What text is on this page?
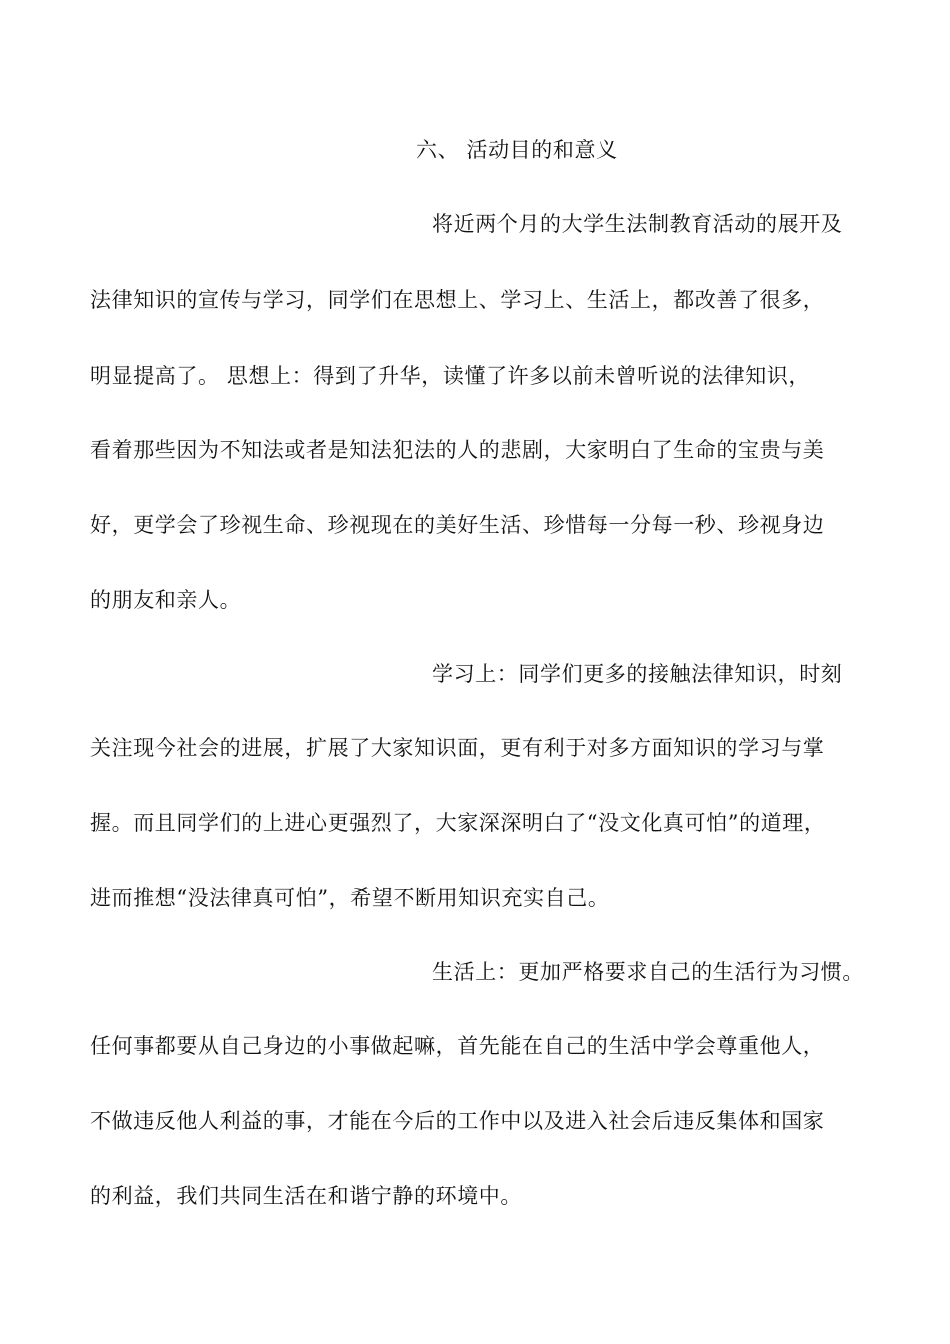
六、 活动目的和意义
将近两个月的大学生法制教育活动的展开及
法律知识的宣传与学习，同学们在思想上、学习上、生活上，都改善了很多，
明显提高了。 思想上：得到了升华，读懂了许多以前未曾听说的法律知识，
看着那些因为不知法或者是知法犯法的人的悲剧，大家明白了生命的宝贵与美
好，更学会了珍视生命、珍视现在的美好生活、珍惜每一分每一秒、珍视身边
的朋友和亲人。
学习上：同学们更多的接触法律知识，时刻
关注现今社会的进展，扩展了大家知识面，更有利于对多方面知识的学习与掌
握。而且同学们的上进心更强烈了，大家深深明白了“没文化真可怕”的道理，
进而推想“没法律真可怕”，希望不断用知识充实自己。
生活上：更加严格要求自己的生活行为习惯。
任何事都要从自己身边的小事做起嘛，首先能在自己的生活中学会尊重他人，
不做违反他人利益的事，才能在今后的工作中以及进入社会后违反集体和国家
的利益，我们共同生活在和谐宁静的环境中。
